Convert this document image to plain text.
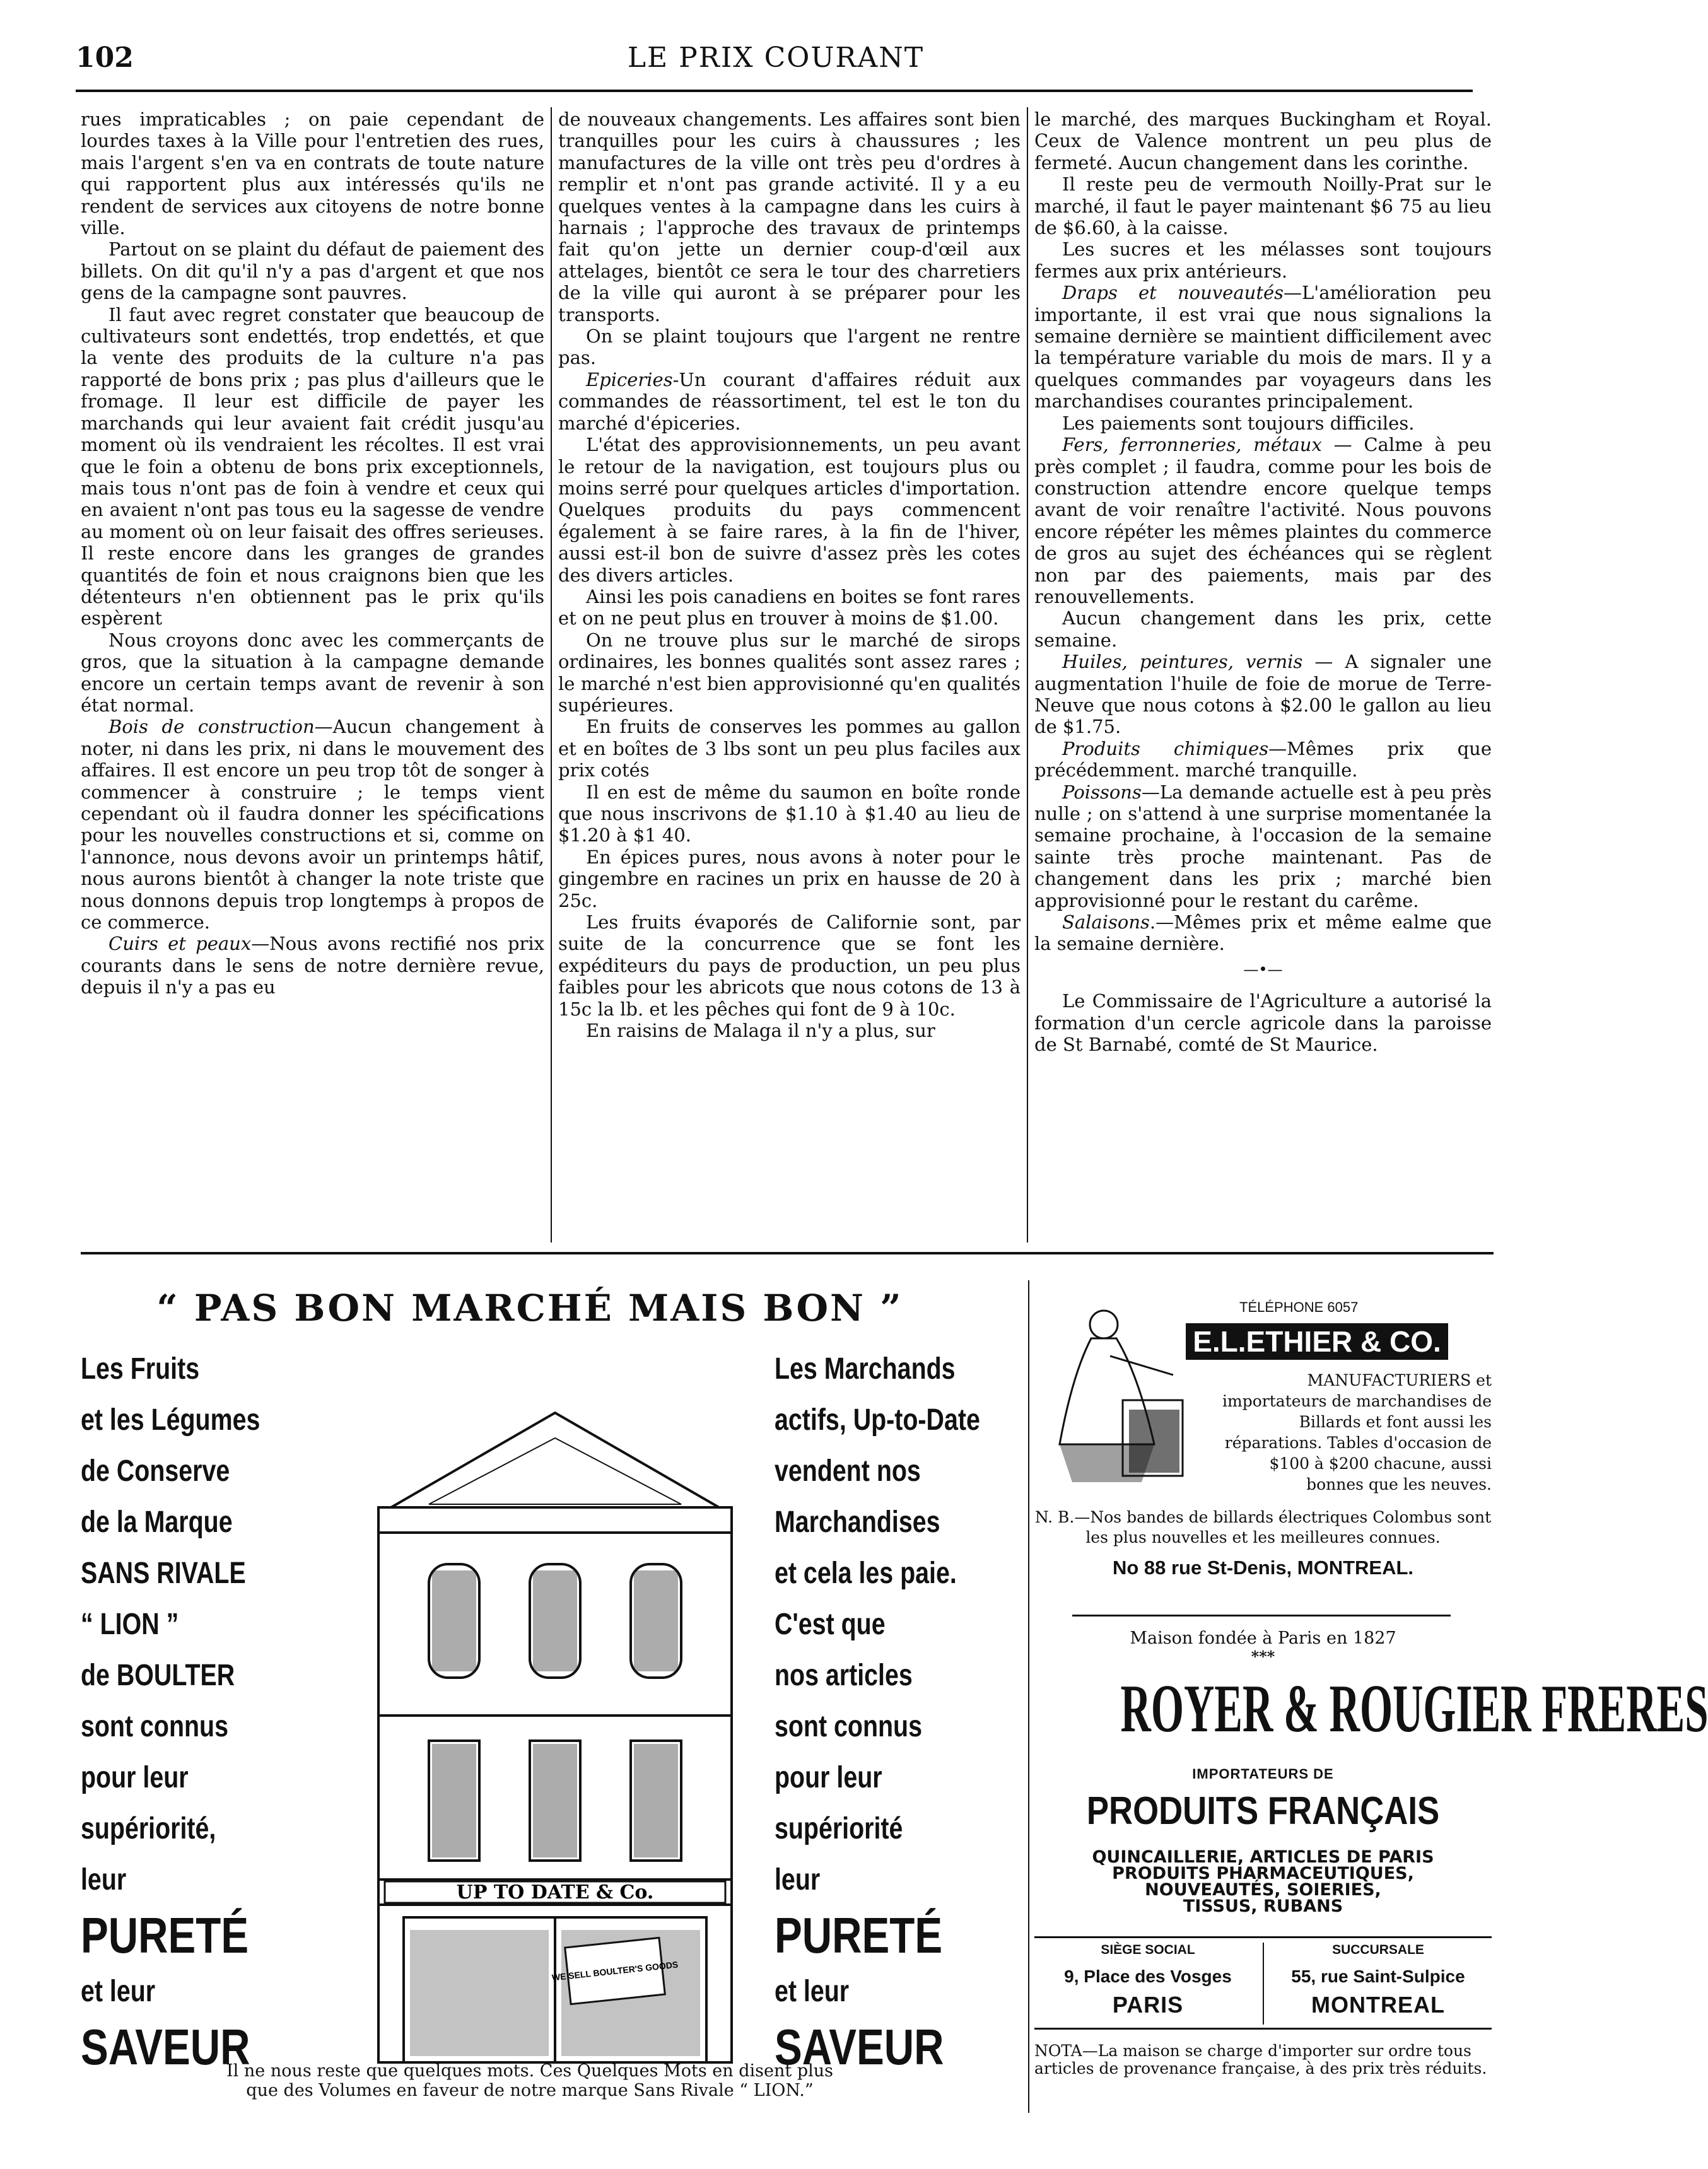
102	LE PRIX COURANT

rues impraticables ; on paie cependant de lourdes taxes à la Ville pour l'entretien des rues, mais l'argent s'en va en contrats de toute nature qui rapportent plus aux intéressés qu'ils ne rendent de services aux citoyens de notre bonne ville.

Partout on se plaint du défaut de paiement des billets. On dit qu'il n'y a pas d'argent et que nos gens de la campagne sont pauvres.

Il faut avec regret constater que beaucoup de cultivateurs sont endettés, trop endettés, et que la vente des produits de la culture n'a pas rapporté de bons prix ; pas plus d'ailleurs que le fromage. Il leur est difficile de payer les marchands qui leur avaient fait crédit jusqu'au moment où ils vendraient les récoltes. Il est vrai que le foin a obtenu de bons prix exceptionnels, mais tous n'ont pas de foin à vendre et ceux qui en avaient n'ont pas tous eu la sagesse de vendre au moment où on leur faisait des offres serieuses. Il reste encore dans les granges de grandes quantités de foin et nous craignons bien que les détenteurs n'en obtiennent pas le prix qu'ils espèrent

Nous croyons donc avec les commerçants de gros, que la situation à la campagne demande encore un certain temps avant de revenir à son état normal.

Bois de construction—Aucun changement à noter, ni dans les prix, ni dans le mouvement des affaires. Il est encore un peu trop tôt de songer à commencer à construire ; le temps vient cependant où il faudra donner les spécifications pour les nouvelles constructions et si, comme on l'annonce, nous devons avoir un printemps hâtif, nous aurons bientôt à changer la note triste que nous donnons depuis trop longtemps à propos de ce commerce.

Cuirs et peaux—Nous avons rectifié nos prix courants dans le sens de notre dernière revue, depuis il n'y a pas eu

de nouveaux changements. Les affaires sont bien tranquilles pour les cuirs à chaussures ; les manufactures de la ville ont très peu d'ordres à remplir et n'ont pas grande activité. Il y a eu quelques ventes à la campagne dans les cuirs à harnais ; l'approche des travaux de printemps fait qu'on jette un dernier coup-d'œil aux attelages, bientôt ce sera le tour des charretiers de la ville qui auront à se préparer pour les transports.

On se plaint toujours que l'argent ne rentre pas.

Epiceries-Un courant d'affaires réduit aux commandes de réassortiment, tel est le ton du marché d'épiceries.

L'état des approvisionnements, un peu avant le retour de la navigation, est toujours plus ou moins serré pour quelques articles d'importation. Quelques produits du pays commencent également à se faire rares, à la fin de l'hiver, aussi est-il bon de suivre d'assez près les cotes des divers articles.

Ainsi les pois canadiens en boites se font rares et on ne peut plus en trouver à moins de $1.00.

On ne trouve plus sur le marché de sirops ordinaires, les bonnes qualités sont assez rares ; le marché n'est bien approvisionné qu'en qualités supérieures.

En fruits de conserves les pommes au gallon et en boîtes de 3 lbs sont un peu plus faciles aux prix cotés

Il en est de même du saumon en boîte ronde que nous inscrivons de $1.10 à $1.40 au lieu de $1.20 à $1 40.

En épices pures, nous avons à noter pour le gingembre en racines un prix en hausse de 20 à 25c.

Les fruits évaporés de Californie sont, par suite de la concurrence que se font les expéditeurs du pays de production, un peu plus faibles pour les abricots que nous cotons de 13 à 15c la lb. et les pêches qui font de 9 à 10c.

En raisins de Malaga il n'y a plus, sur

le marché, des marques Buckingham et Royal. Ceux de Valence montrent un peu plus de fermeté. Aucun changement dans les corinthe.

Il reste peu de vermouth Noilly-Prat sur le marché, il faut le payer maintenant $6 75 au lieu de $6.60, à la caisse.

Les sucres et les mélasses sont toujours fermes aux prix antérieurs.

Draps et nouveautés—L'amélioration peu importante, il est vrai que nous signalions la semaine dernière se maintient difficilement avec la température variable du mois de mars. Il y a quelques commandes par voyageurs dans les marchandises courantes principalement.

Les paiements sont toujours difficiles.

Fers, ferronneries, métaux — Calme à peu près complet ; il faudra, comme pour les bois de construction attendre encore quelque temps avant de voir renaître l'activité. Nous pouvons encore répéter les mêmes plaintes du commerce de gros au sujet des échéances qui se règlent non par des paiements, mais par des renouvellements.

Aucun changement dans les prix, cette semaine.

Huiles, peintures, vernis — A signaler une augmentation l'huile de foie de morue de Terre-Neuve que nous cotons à $2.00 le gallon au lieu de $1.75.

Produits chimiques—Mêmes prix que précédemment. marché tranquille.

Poissons—La demande actuelle est à peu près nulle ; on s'attend à une surprise momentanée la semaine prochaine, à l'occasion de la semaine sainte très proche maintenant. Pas de changement dans les prix ; marché bien approvisionné pour le restant du carême.

Salaisons.—Mêmes prix et même ealme que la semaine dernière.

—•—

Le Commissaire de l'Agriculture a autorisé la formation d'un cercle agricole dans la paroisse de St Barnabé, comté de St Maurice.

“ PAS BON MARCHÉ MAIS BON ”
Les Fruits
et les Légumes
de Conserve
de la Marque
SANS RIVALE
“ LION ”
de BOULTER
sont connus
pour leur
supériorité,
leur
PURETÉ
et leur
SAVEUR
UP TO DATE & Co.
WE SELL BOULTER'S GOODS
Les Marchands
actifs, Up-to-Date
vendent nos
Marchandises
et cela les paie.
C'est que
nos articles
sont connus
pour leur
supériorité
leur
PURETÉ
et leur
SAVEUR
Il ne nous reste que quelques mots. Ces Quelques Mots en disent plus
que des Volumes en faveur de notre marque Sans Rivale “ LION.”
TÉLÉPHONE 6057
E.L.ETHIER & CO.
MANUFACTURIERS et importateurs de marchandises de Billards et font aussi les réparations. Tables d'occasion de $100 à $200 chacune, aussi bonnes que les neuves.
N. B.—Nos bandes de billards électriques Colombus sont les plus nouvelles et les meilleures connues.
No 88 rue St-Denis, MONTREAL.
Maison fondée à Paris en 1827
***
ROYER & ROUGIER FRERES
IMPORTATEURS DE
PRODUITS FRANÇAIS
QUINCAILLERIE, ARTICLES DE PARIS
PRODUITS PHARMACEUTIQUES,
NOUVEAUTÉS, SOIERIES,
TISSUS, RUBANS
SIÈGE SOCIAL
9, Place des Vosges
PARIS
SUCCURSALE
55, rue Saint-Sulpice
MONTREAL
NOTA—La maison se charge d'importer sur ordre tous articles de provenance française, à des prix très réduits.
